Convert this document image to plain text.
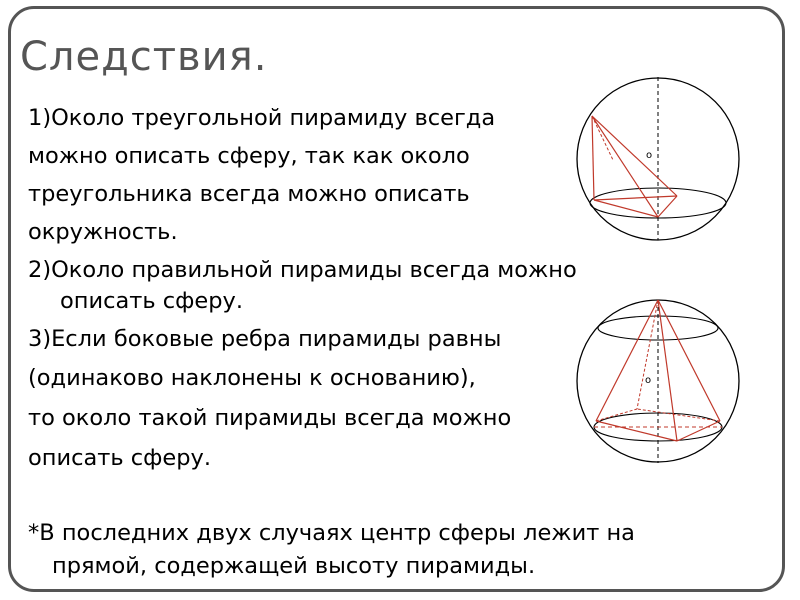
Следствия.
o
o
1)Около треугольной пирамиду всегда
можно описать сферу, так как около
треугольника всегда можно описать
окружность.
2)Около правильной пирамиды всегда можно
описать сферу.
3)Если боковые ребра пирамиды равны
(одинаково наклонены к основанию),
то около такой пирамиды всегда можно
описать сферу.
*В последних двух случаях центр сферы лежит на
прямой, содержащей высоту пирамиды.
